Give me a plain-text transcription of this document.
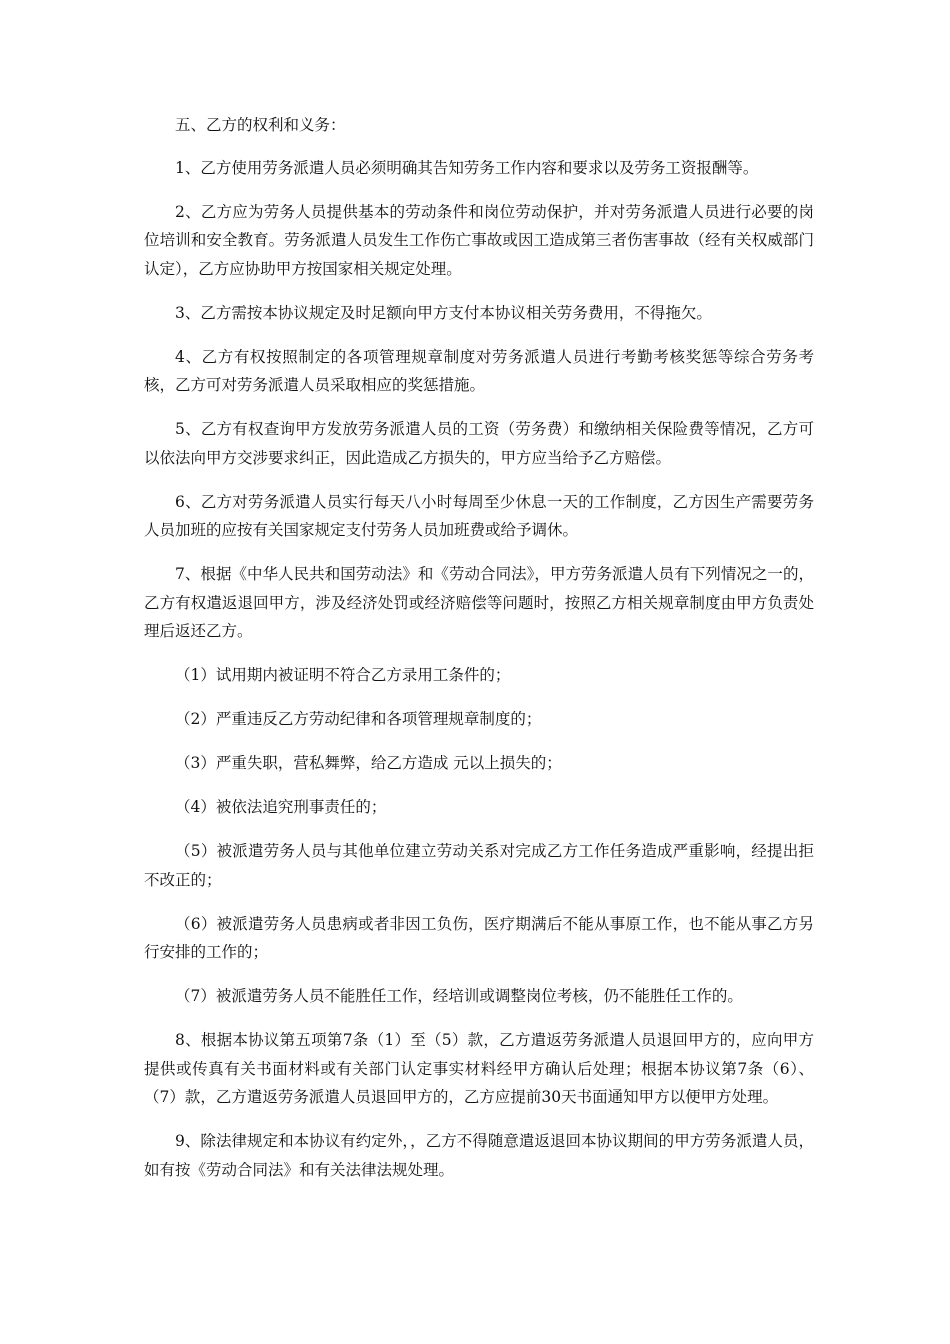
五、乙方的权利和义务：

1、乙方使用劳务派遣人员必须明确其告知劳务工作内容和要求以及劳务工资报酬等。

2、乙方应为劳务人员提供基本的劳动条件和岗位劳动保护，并对劳务派遣人员进行必要的岗位培训和安全教育。劳务派遣人员发生工作伤亡事故或因工造成第三者伤害事故（经有关权威部门认定），乙方应协助甲方按国家相关规定处理。

3、乙方需按本协议规定及时足额向甲方支付本协议相关劳务费用，不得拖欠。

4、乙方有权按照制定的各项管理规章制度对劳务派遣人员进行考勤考核奖惩等综合劳务考核，乙方可对劳务派遣人员采取相应的奖惩措施。

5、乙方有权查询甲方发放劳务派遣人员的工资（劳务费）和缴纳相关保险费等情况，乙方可以依法向甲方交涉要求纠正，因此造成乙方损失的，甲方应当给予乙方赔偿。

6、乙方对劳务派遣人员实行每天八小时每周至少休息一天的工作制度，乙方因生产需要劳务人员加班的应按有关国家规定支付劳务人员加班费或给予调休。

7、根据《中华人民共和国劳动法》和《劳动合同法》，甲方劳务派遣人员有下列情况之一的，乙方有权遣返退回甲方，涉及经济处罚或经济赔偿等问题时，按照乙方相关规章制度由甲方负责处理后返还乙方。

（1）试用期内被证明不符合乙方录用工条件的；

（2）严重违反乙方劳动纪律和各项管理规章制度的；

（3）严重失职，营私舞弊，给乙方造成 元以上损失的；

（4）被依法追究刑事责任的；

（5）被派遣劳务人员与其他单位建立劳动关系对完成乙方工作任务造成严重影响，经提出拒不改正的；

（6）被派遣劳务人员患病或者非因工负伤，医疗期满后不能从事原工作，也不能从事乙方另行安排的工作的；

（7）被派遣劳务人员不能胜任工作，经培训或调整岗位考核，仍不能胜任工作的。

8、根据本协议第五项第7条（1）至（5）款，乙方遣返劳务派遣人员退回甲方的，应向甲方提供或传真有关书面材料或有关部门认定事实材料经甲方确认后处理；根据本协议第7条（6）、（7）款，乙方遣返劳务派遣人员退回甲方的，乙方应提前30天书面通知甲方以便甲方处理。

9、除法律规定和本协议有约定外，，乙方不得随意遣返退回本协议期间的甲方劳务派遣人员，如有按《劳动合同法》和有关法律法规处理。
